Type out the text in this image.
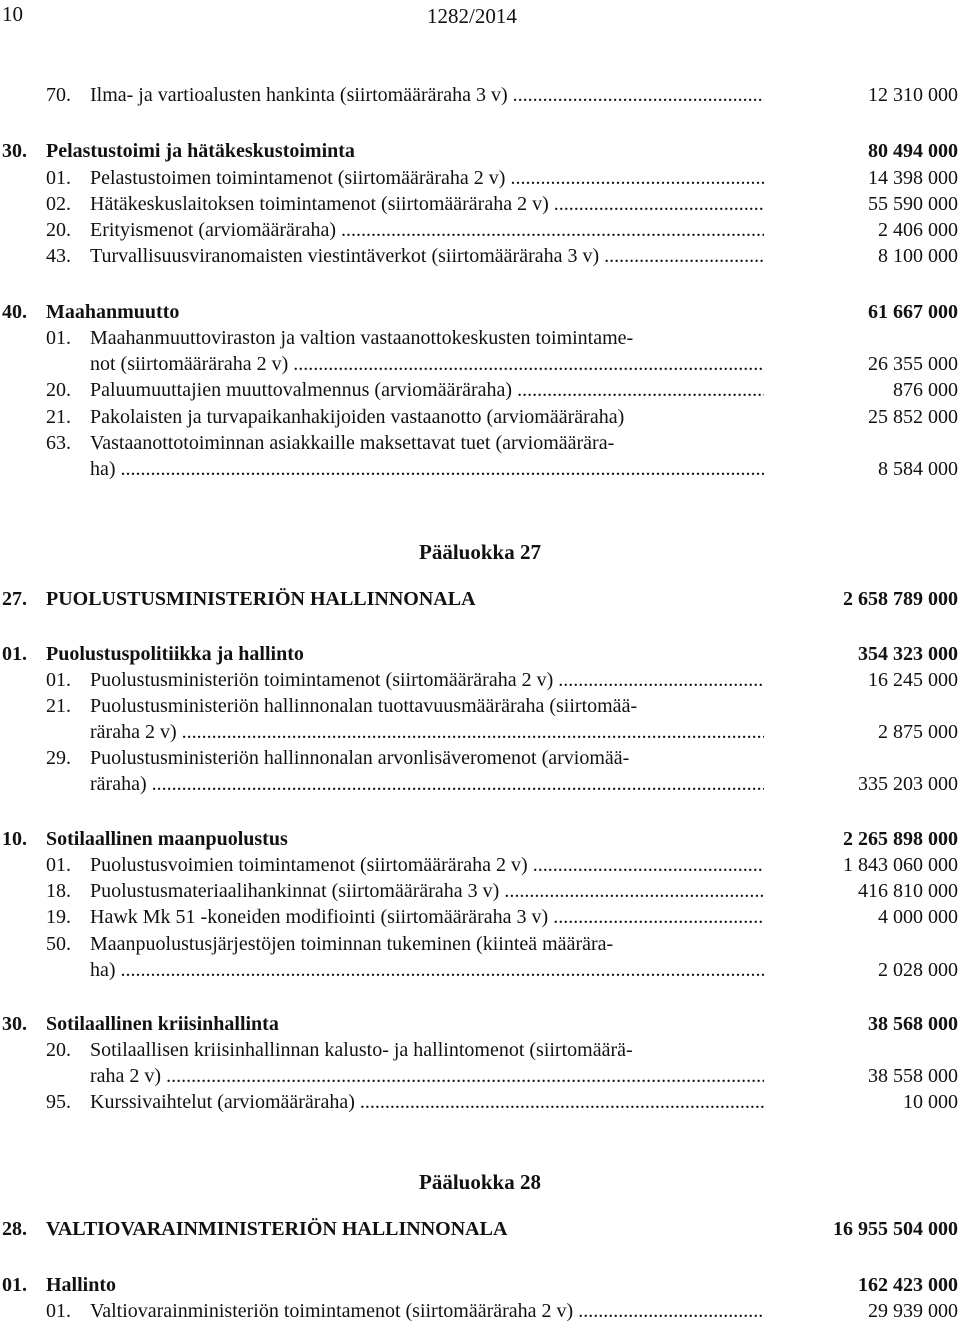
10	1282/2014
70. Ilma- ja vartioalusten hankinta (siirtomääräraha 3 v) .....	12 310 000
30. Pelastustoimi ja hätäkeskustoiminta	80 494 000
01. Pelastustoimen toimintamenot (siirtomääräraha 2 v) .....	14 398 000
02. Hätäkeskuslaitoksen toimintamenot (siirtomääräraha 2 v) .....	55 590 000
20. Erityismenot (arviomääräraha) .....	2 406 000
43. Turvallisuusviranomaisten viestintäverkot (siirtomääräraha 3 v) .....	8 100 000
40. Maahanmuutto	61 667 000
01. Maahanmuuttoviraston ja valtion vastaanottokeskusten toimintame-
not (siirtomääräraha 2 v) .....	26 355 000
20. Paluumuuttajien muuttovalmennus (arviomääräraha) .....	876 000
21. Pakolaisten ja turvapaikanhakijoiden vastaanotto (arviomääräraha)	25 852 000
63. Vastaanottotoiminnan asiakkaille maksettavat tuet (arviomäärära-
ha) .....	8 584 000
27. PUOLUSTUSMINISTERIÖN HALLINNONALA	2 658 789 000
01. Puolustuspolitiikka ja hallinto	354 323 000
01. Puolustusministeriön toimintamenot (siirtomääräraha 2 v) .....	16 245 000
21. Puolustusministeriön hallinnonalan tuottavuusmääräraha (siirtomää-
räraha 2 v) .....	2 875 000
29. Puolustusministeriön hallinnonalan arvonlisäveromenot (arviomää-
räraha) .....	335 203 000
10. Sotilaallinen maanpuolustus	2 265 898 000
01. Puolustusvoimien toimintamenot (siirtomääräraha 2 v) .....	1 843 060 000
18. Puolustusmateriaalihankinnat (siirtomääräraha 3 v) .....	416 810 000
19. Hawk Mk 51 -koneiden modifiointi (siirtomääräraha 3 v) .....	4 000 000
50. Maanpuolustusjärjestöjen toiminnan tukeminen (kiinteä määrära-
ha) .....	2 028 000
30. Sotilaallinen kriisinhallinta	38 568 000
20. Sotilaallisen kriisinhallinnan kalusto- ja hallintomenot (siirtomäärä-
raha 2 v) .....	38 558 000
95. Kurssivaihtelut (arviomääräraha) .....	10 000
28. VALTIOVARAINMINISTERIÖN HALLINNONALA	16 955 504 000
01. Hallinto	162 423 000
01. Valtiovarainministeriön toimintamenot (siirtomääräraha 2 v) .....	29 939 000
Pääluokka 27
Pääluokka 28
